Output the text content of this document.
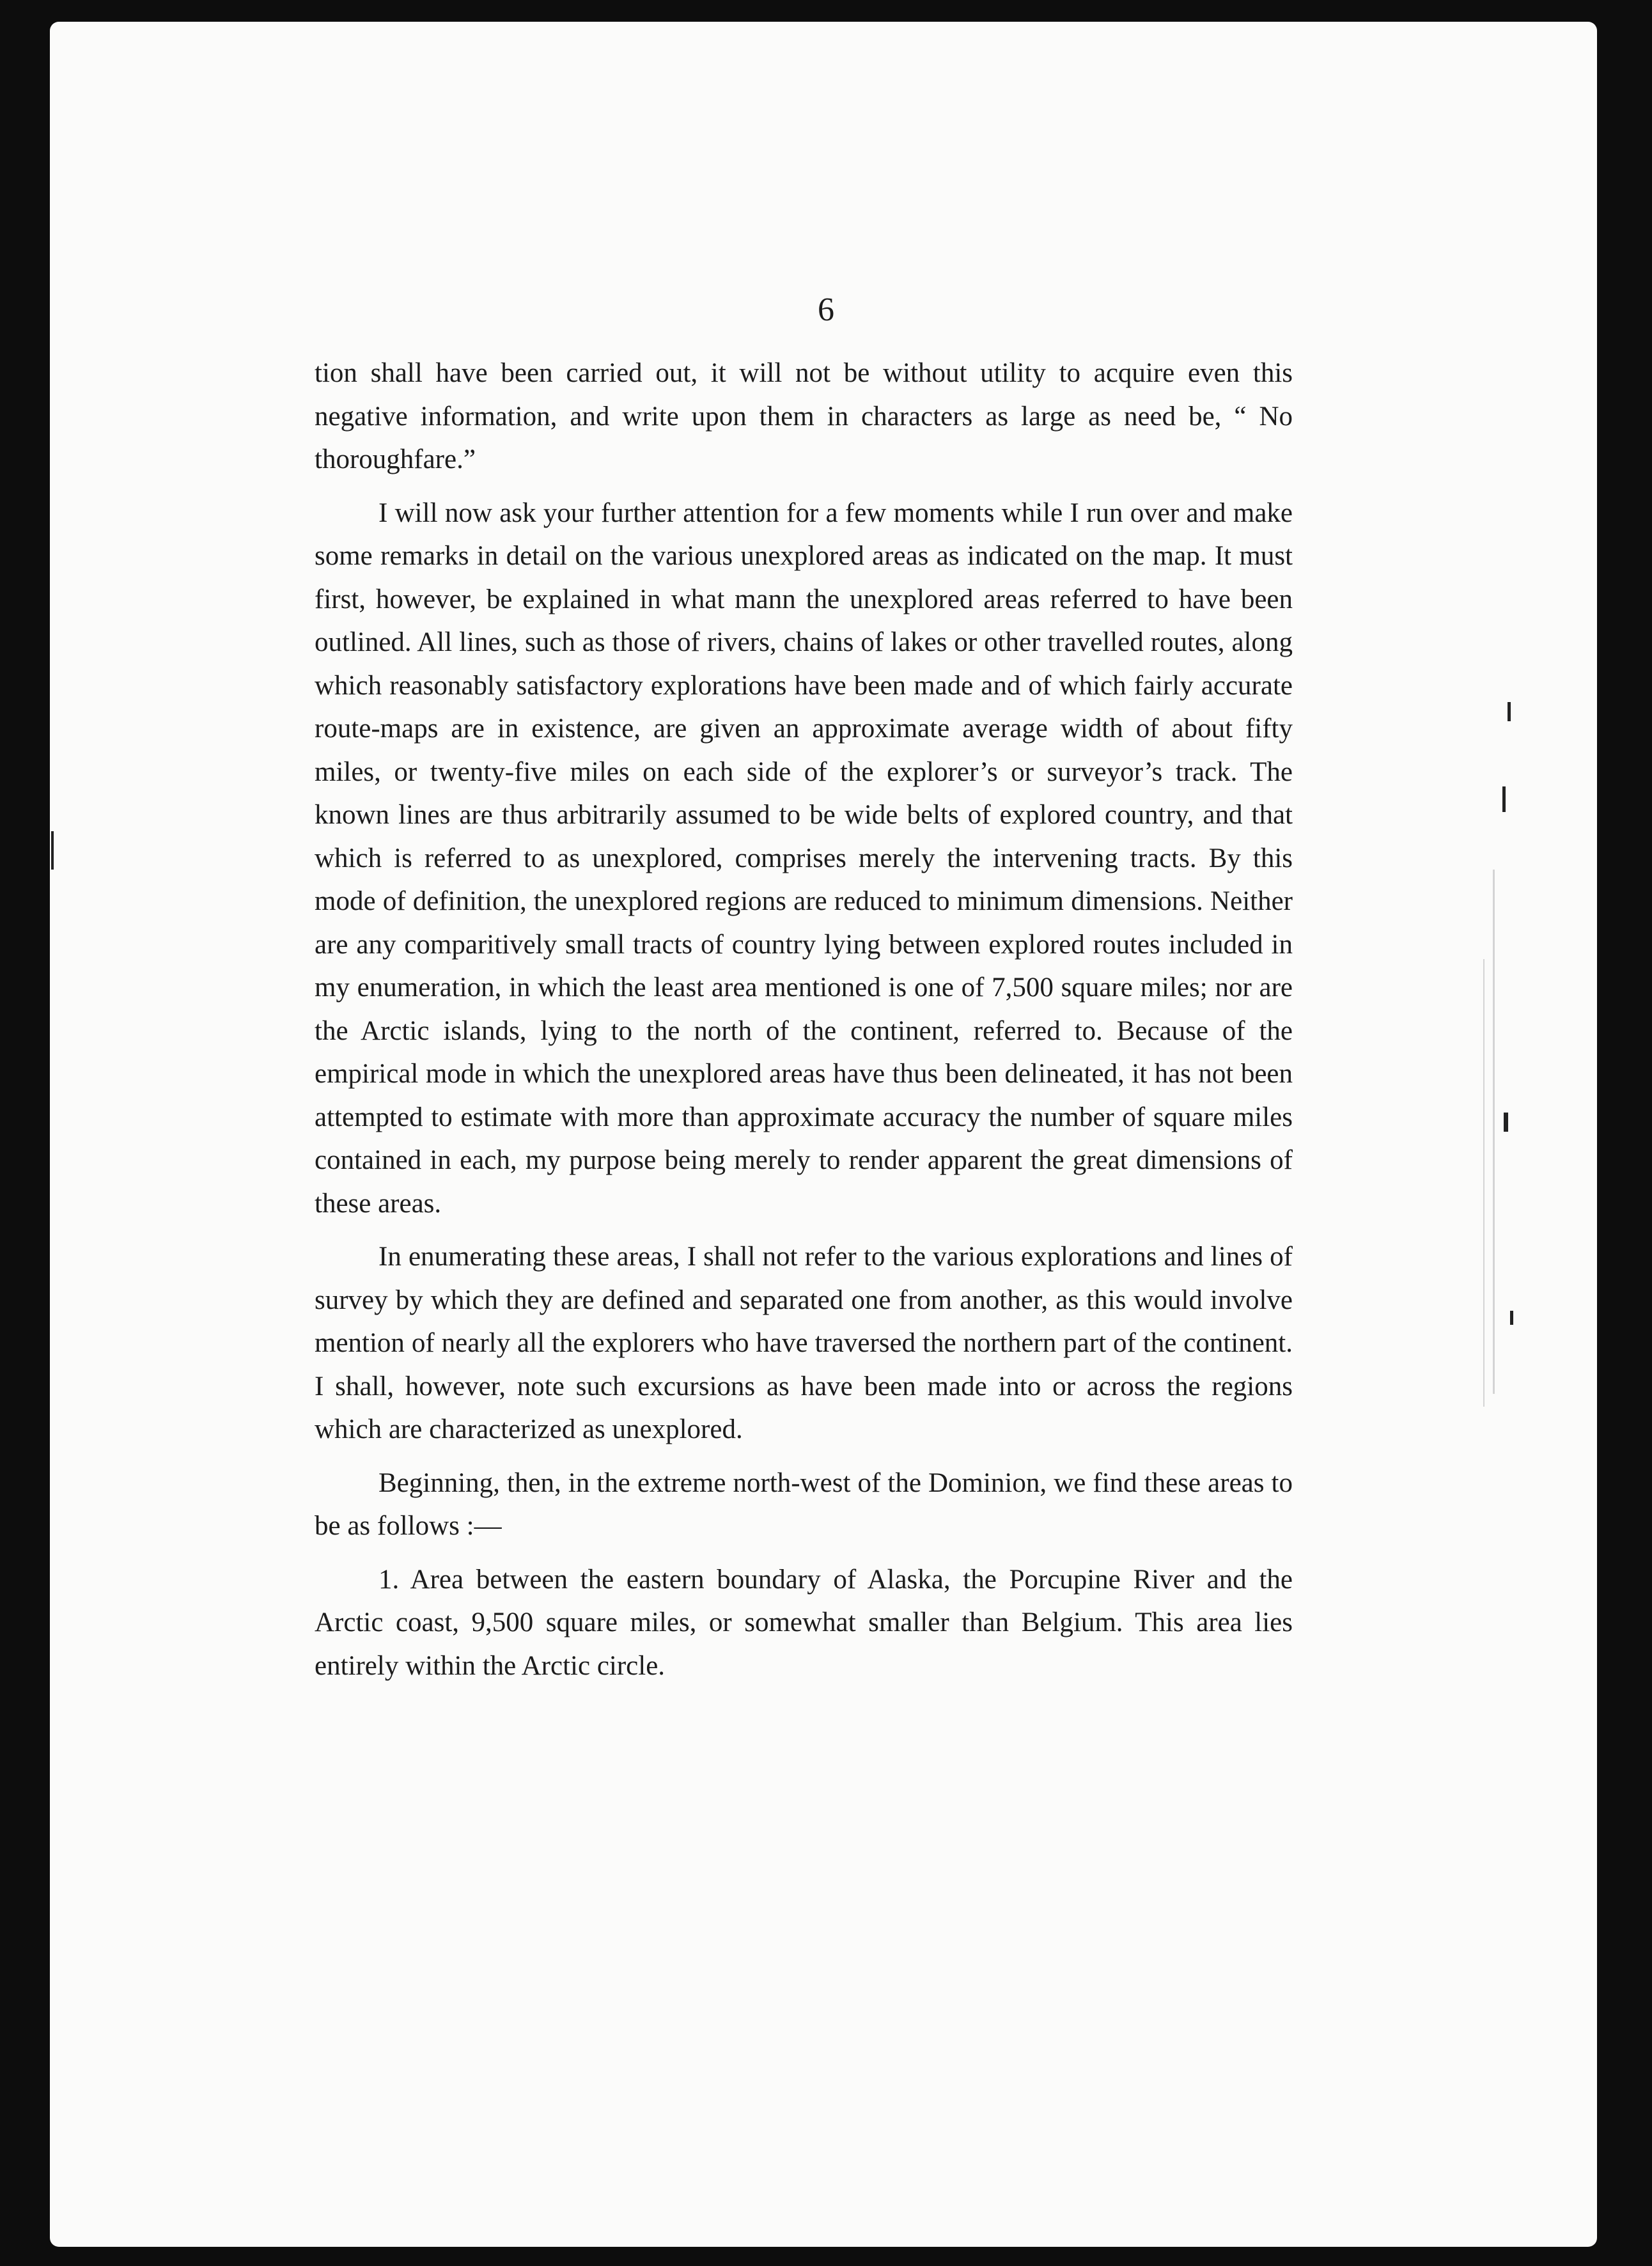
6

tion shall have been carried out, it will not be without utility to acquire even this negative information, and write upon them in characters as large as need be, “ No thoroughfare.”

I will now ask your further attention for a few moments while I run over and make some remarks in detail on the various unexplored areas as indicated on the map. It must first, however, be explained in what mann the unexplored areas referred to have been outlined. All lines, such as those of rivers, chains of lakes or other travelled routes, along which reasonably satisfactory explorations have been made and of which fairly accurate route-maps are in existence, are given an approximate average width of about fifty miles, or twenty-five miles on each side of the explorer’s or surveyor’s track. The known lines are thus arbitrarily assumed to be wide belts of explored country, and that which is referred to as unexplored, comprises merely the intervening tracts. By this mode of definition, the unexplored regions are reduced to minimum dimensions. Neither are any comparitively small tracts of country lying between explored routes included in my enumeration, in which the least area mentioned is one of 7,500 square miles; nor are the Arctic islands, lying to the north of the continent, referred to. Because of the empirical mode in which the unexplored areas have thus been delineated, it has not been attempted to estimate with more than approximate accuracy the number of square miles contained in each, my purpose being merely to render apparent the great dimensions of these areas.

In enumerating these areas, I shall not refer to the various explorations and lines of survey by which they are defined and separated one from another, as this would involve mention of nearly all the explorers who have traversed the northern part of the continent. I shall, however, note such excursions as have been made into or across the regions which are characterized as unexplored.

Beginning, then, in the extreme north-west of the Dominion, we find these areas to be as follows :—

1. Area between the eastern boundary of Alaska, the Porcupine River and the Arctic coast, 9,500 square miles, or somewhat smaller than Belgium. This area lies entirely within the Arctic circle.
